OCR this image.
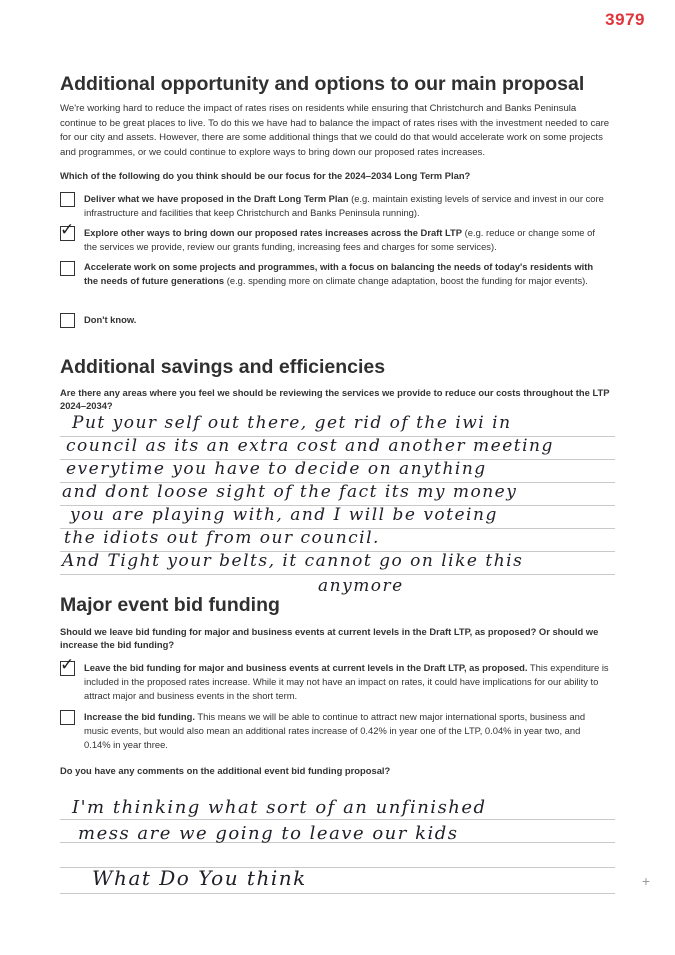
3979
Additional opportunity and options to our main proposal
We're working hard to reduce the impact of rates rises on residents while ensuring that Christchurch and Banks Peninsula continue to be great places to live. To do this we have had to balance the impact of rates rises with the investment needed to care for our city and assets. However, there are some additional things that we could do that would accelerate work on some projects and programmes, or we could continue to explore ways to bring down our proposed rates increases.
Which of the following do you think should be our focus for the 2024–2034 Long Term Plan?
Deliver what we have proposed in the Draft Long Term Plan (e.g. maintain existing levels of service and invest in our core infrastructure and facilities that keep Christchurch and Banks Peninsula running).
✓ Explore other ways to bring down our proposed rates increases across the Draft LTP (e.g. reduce or change some of the services we provide, review our grants funding, increasing fees and charges for some services).
Accelerate work on some projects and programmes, with a focus on balancing the needs of today's residents with the needs of future generations (e.g. spending more on climate change adaptation, boost the funding for major events).
Don't know.
Additional savings and efficiencies
Are there any areas where you feel we should be reviewing the services we provide to reduce our costs throughout the LTP 2024–2034?
Put your self out there, get rid of the iwi in
council as its an extra cost and another meeting
everytime you have to decide on anything
and dont loose sight of the fact its my money
you are playing with, and I will be voteing
the idiots out from our council.
And Tight your belts, it cannot go on like this
anymore
Major event bid funding
Should we leave bid funding for major and business events at current levels in the Draft LTP, as proposed? Or should we increase the bid funding?
✓ Leave the bid funding for major and business events at current levels in the Draft LTP, as proposed. This expenditure is included in the proposed rates increase. While it may not have an impact on rates, it could have implications for our ability to attract major and business events in the short term.
Increase the bid funding. This means we will be able to continue to attract new major international sports, business and music events, but would also mean an additional rates increase of 0.42% in year one of the LTP, 0.04% in year two, and 0.14% in year three.
Do you have any comments on the additional event bid funding proposal?
I'm thinking what sort of an unfinished
mess are we going to leave our kids
What Do You think	+
